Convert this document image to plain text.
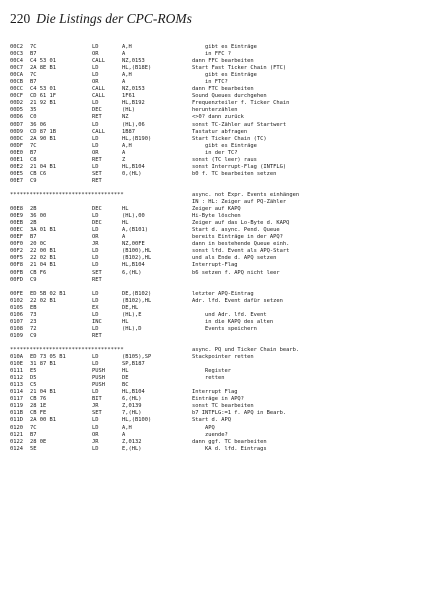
220 Die Listings der CPC-ROMs
00C2 7C	LD	A,H	gibt es Einträge
00C3 B7	OR	A	in FFC ?
00C4 C4 53 01	CALL	NZ,0153	dann FFC bearbeiten
00C7 2A 8E B1	LD	HL,(B18E)	Start Fast Ticker Chain (FTC)
00CA 7C	LD	A,H	gibt es Einträge
00CB B7	OR	A	in FTC?
00CC C4 53 01	CALL	NZ,0153	dann FTC bearbeiten
00CF CD 61 1F	CALL	1F61	Sound Queues durchgehen
00D2 21 92 B1	LD	HL,B192	Frequenzteiler f. Ticker Chain
00D5 35	DEC	(HL)	herunterzählen
00D6 C0	RET	NZ	<>0? dann zurück
00D7 36 06	LD	(HL),06	sonst TC-Zähler auf Startwert
00D9 CD 87 1B	CALL	1B87	Tastatur abfragen
00DC 2A 90 B1	LD	HL,(B190)	Start Ticker Chain (TC)
00DF 7C	LD	A,H	gibt es Einträge
00E0 B7	OR	A	in der TC?
00E1 C8	RET	Z	sonst (TC leer) raus
00E2 21 04 B1	LD	HL,B104	sonst Interrupt-Flag (INTFLG)
00E5 CB C6	SET	0,(HL)	b0 f. TC bearbeiten setzen
00E7 C9	RET
***********************************	async. not Expr. Events einhängen
IN : HL: Zeiger auf PQ-Zähler
00E8 2B	DEC	HL	Zeiger auf KAPQ
00E9 36 00	LD	(HL),00	Hi-Byte löschen
00EB 2B	DEC	HL	Zeiger auf das Lo-Byte d. KAPQ
00EC 3A 01 B1	LD	A,(B101)	Start d. async. Pend. Queue
00EF B7	OR	A	bereits Einträge in der APQ?
00F0 20 0C	JR	NZ,00FE	dann in bestehende Queue einh.
00F2 22 00 B1	LD	(B100),HL	sonst lfd. Event als APQ-Start
00F5 22 02 B1	LD	(B102),HL	und als Ende d. APQ setzen
00F8 21 04 B1	LD	HL,B104	Interrupt-Flag
00FB CB F6	SET	6,(HL)	b6 setzen f. APQ nicht leer
00FD C9	RET
00FE ED 5B 02 B1	LD	DE,(B102)	letzter APQ-Eintrag
0102 22 02 B1	LD	(B102),HL	Adr. lfd. Event dafür setzen
0105 EB	EX	DE,HL
0106 73	LD	(HL),E	und Adr. lfd. Event
0107 23	INC	HL	in die KAPQ des alten
0108 72	LD	(HL),D	Events speichern
0109 C9	RET
***********************************	async. PQ und Ticker Chain bearb.
010A ED 73 05 B1	LD	(B105),SP	Stackpointer retten
010E 31 87 B1	LD	SP,B187
0111 E5	PUSH	HL	Register
0112 D5	PUSH	DE	retten
0113 C5	PUSH	BC
0114 21 04 B1	LD	HL,B104	Interrupt Flag
0117 CB 76	BIT	6,(HL)	Einträge in APQ?
0119 28 1E	JR	Z,0139	sonst TC bearbeiten
011B CB FE	SET	7,(HL)	b7 INTFLG:=1 f. APQ in Bearb.
011D 2A 00 B1	LD	HL,(B100)	Start d. APQ
0120 7C	LD	A,H	APQ
0121 B7	OR	A	zuende?
0122 28 0E	JR	Z,0132	dann ggf. TC bearbeiten
0124 5E	LD	E,(HL)	KA d. lfd. Eintrags
